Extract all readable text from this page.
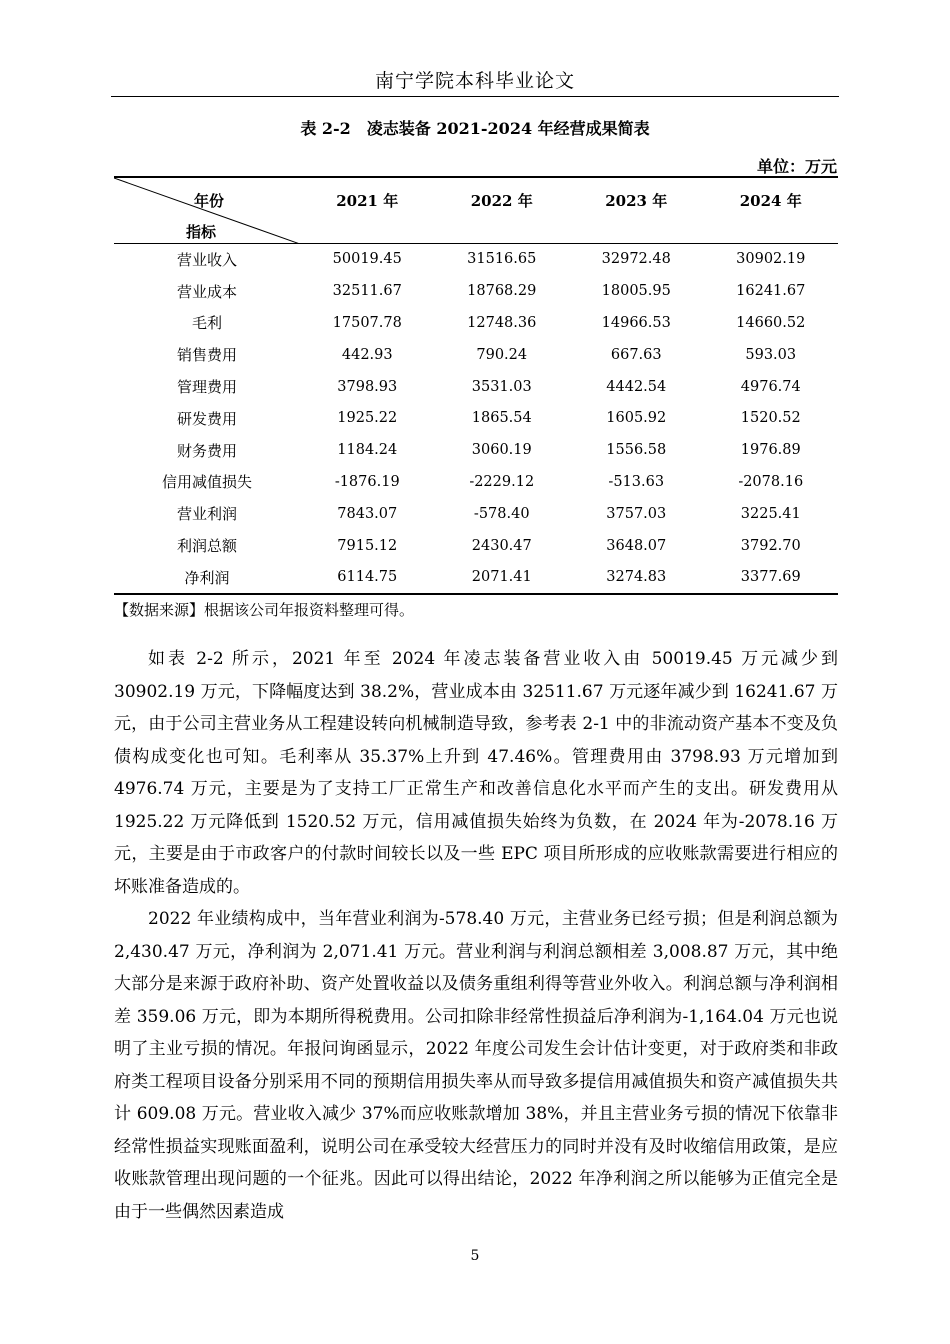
南宁学院本科毕业论文
表 2-2　凌志装备 2021-2024 年经营成果简表
单位：万元
年份
指标	2021 年	2022 年	2023 年	2024 年
营业收入	50019.45	31516.65	32972.48	30902.19
营业成本	32511.67	18768.29	18005.95	16241.67
毛利	17507.78	12748.36	14966.53	14660.52
销售费用	442.93	790.24	667.63	593.03
管理费用	3798.93	3531.03	4442.54	4976.74
研发费用	1925.22	1865.54	1605.92	1520.52
财务费用	1184.24	3060.19	1556.58	1976.89
信用减值损失	-1876.19	-2229.12	-513.63	-2078.16
营业利润	7843.07	-578.40	3757.03	3225.41
利润总额	7915.12	2430.47	3648.07	3792.70
净利润	6114.75	2071.41	3274.83	3377.69
【数据来源】根据该公司年报资料整理可得。

如表 2-2 所示，2021 年至 2024 年凌志装备营业收入由 50019.45 万元减少到 30902.19 万元，下降幅度达到 38.2%，营业成本由 32511.67 万元逐年减少到 16241.67 万元，由于公司主营业务从工程建设转向机械制造导致，参考表 2-1 中的非流动资产基本不变及负债构成变化也可知。毛利率从 35.37%上升到 47.46%。管理费用由 3798.93 万元增加到 4976.74 万元，主要是为了支持工厂正常生产和改善信息化水平而产生的支出。研发费用从 1925.22 万元降低到 1520.52 万元，信用减值损失始终为负数，在 2024 年为-2078.16 万元，主要是由于市政客户的付款时间较长以及一些 EPC 项目所形成的应收账款需要进行相应的坏账准备造成的。

2022 年业绩构成中，当年营业利润为-578.40 万元，主营业务已经亏损；但是利润总额为 2,430.47 万元，净利润为 2,071.41 万元。营业利润与利润总额相差 3,008.87 万元，其中绝大部分是来源于政府补助、资产处置收益以及债务重组利得等营业外收入。利润总额与净利润相差 359.06 万元，即为本期所得税费用。公司扣除非经常性损益后净利润为-1,164.04 万元也说明了主业亏损的情况。年报问询函显示，2022 年度公司发生会计估计变更，对于政府类和非政府类工程项目设备分别采用不同的预期信用损失率从而导致多提信用减值损失和资产减值损失共计 609.08 万元。营业收入减少 37%而应收账款增加 38%，并且主营业务亏损的情况下依靠非经常性损益实现账面盈利，说明公司在承受较大经营压力的同时并没有及时收缩信用政策，是应收账款管理出现问题的一个征兆。因此可以得出结论，2022 年净利润之所以能够为正值完全是由于一些偶然因素造成

5
